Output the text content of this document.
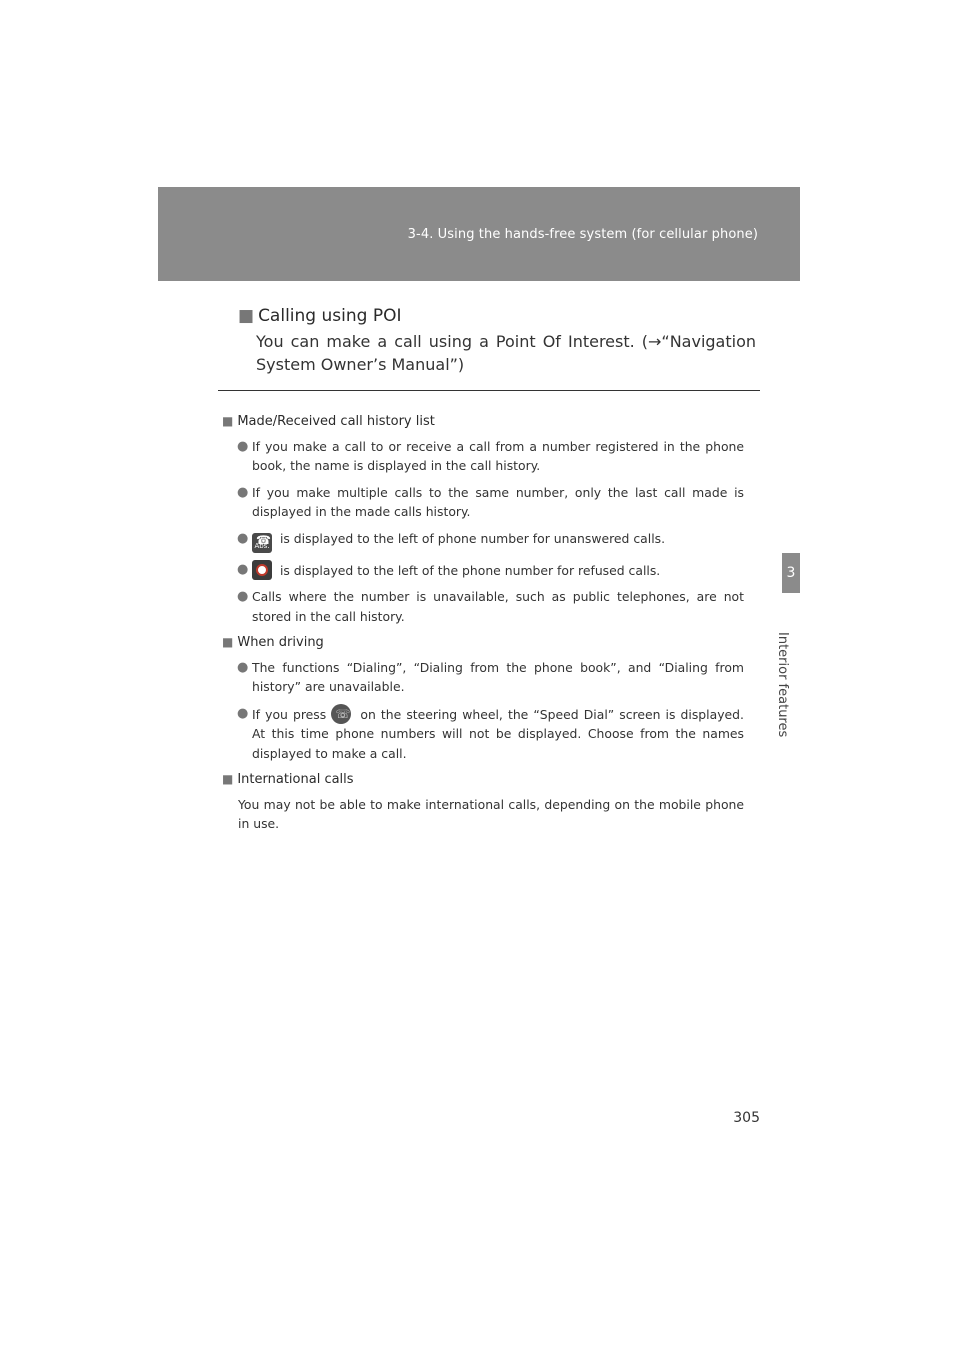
3-4. Using the hands-free system (for cellular phone)
3
Interior features
■ Calling using POI
You can make a call using a Point Of Interest. (→“Navigation System Owner’s Manual”)
■ Made/Received call history list
● If you make a call to or receive a call from a number registered in the phone book, the name is displayed in the call history.
● If you make multiple calls to the same number, only the last call made is displayed in the made calls history.
● ☎ Abs. is displayed to the left of phone number for unanswered calls.
●	is displayed to the left of the phone number for refused calls.
● Calls where the number is unavailable, such as public telephones, are not stored in the call history.
■ When driving
● The functions “Dialing”, “Dialing from the phone book”, and “Dialing from history” are unavailable.
● If you press ☏	on the steering wheel, the “Speed Dial” screen is displayed. At this time phone numbers will not be displayed. Choose from the names displayed to make a call.
■ International calls
You may not be able to make international calls, depending on the mobile phone in use.
305
